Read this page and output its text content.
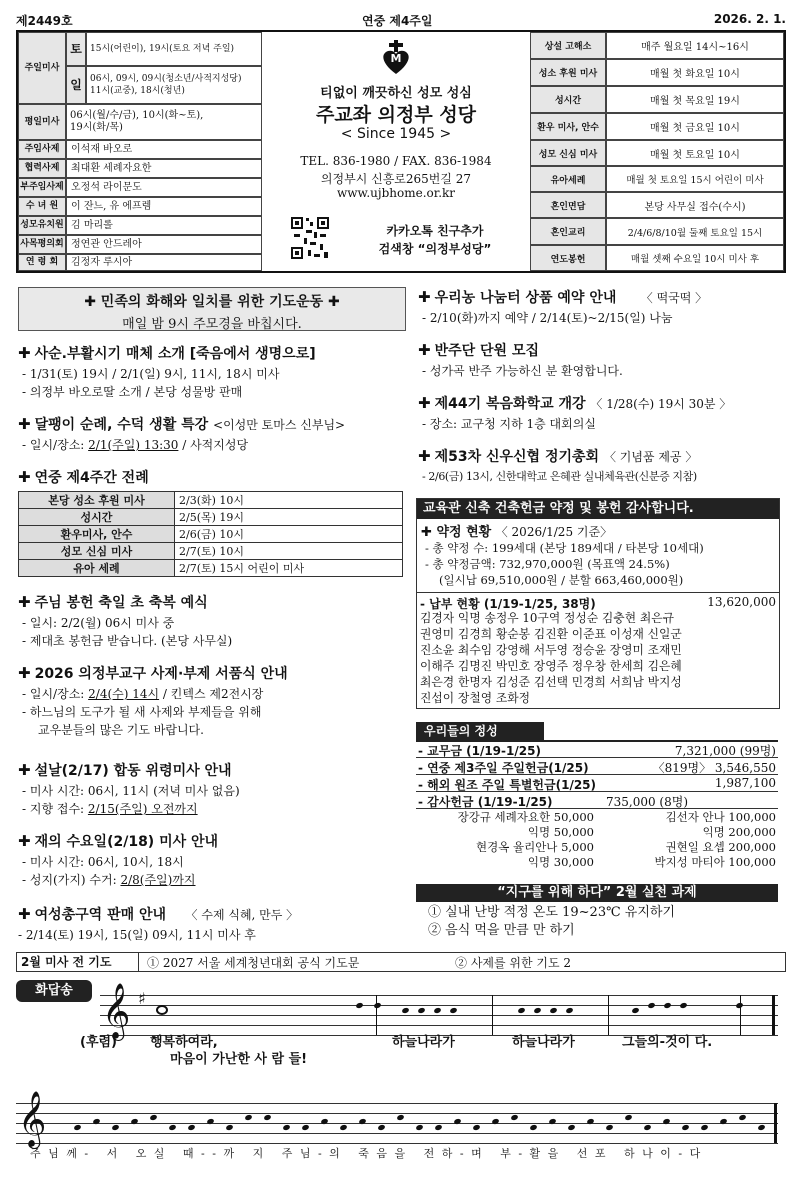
제2449호	연중 제4주일	2026. 2. 1.
주일미사
토 15시(어린이), 19시(토요 저녁 주일)
일 06시, 09시, 09시(청소년/사적지성당)
11시(교중), 18시(청년)
평일미사
06시(월/수/금), 10시(화~토),
19시(화/목)
주임사제	이석재 바오로
협력사제	최대환 세례자요한
부주임사제 오정석 라이문도
수 녀 원	이 잔느, 유 에프렘
성모유치원 김 마리롤
사목평의회 정연관 안드레아
연 령 회	김정자 루시아
M
티없이 깨끗하신 성모 성심
주교좌 의정부 성당
< Since 1945 >
TEL. 836-1980 / FAX. 836-1984
의정부시 신흥로265번길 27
www.ujbhome.or.kr
카카오톡 친구추가
검색창 “의정부성당”
상설 고해소	매주 월요일 14시~16시
성소 후원 미사	매월 첫 화요일 10시
성시간	매월 첫 목요일 19시
환우 미사, 안수	매월 첫 금요일 10시
성모 신심 미사	매월 첫 토요일 10시
유아세례	매월 첫 토요일 15시 어린이 미사
혼인면담	본당 사무실 접수(수시)
혼인교리	2/4/6/8/10월 둘째 토요일 15시
연도봉헌	매월 셋째 수요일 10시 미사 후
✚ 민족의 화해와 일치를 위한 기도운동 ✚
매일 밤 9시 주모경을 바칩시다.
✚ 사순.부활시기 매체 소개 [죽음에서 생명으로]
- 1/31(토) 19시 / 2/1(일) 9시, 11시, 18시 미사
- 의정부 바오로딸 소개 / 본당 성물방 판매
✚ 달팽이 순례, 수덕 생활 특강 <이성만 토마스 신부님>
- 일시/장소: 2/1(주일) 13:30 / 사적지성당
✚ 연중 제4주간 전례
본당 성소 후원 미사	2/3(화) 10시
성시간	2/5(목) 19시
환우미사, 안수	2/6(금) 10시
성모 신심 미사	2/7(토) 10시
유아 세례	2/7(토) 15시 어린이 미사
✚ 주님 봉헌 축일 초 축복 예식
- 일시: 2/2(월) 06시 미사 중
- 제대초 봉헌금 받습니다. (본당 사무실)
✚ 2026 의정부교구 사제·부제 서품식 안내
- 일시/장소: 2/4(수) 14시 / 킨텍스 제2전시장
- 하느님의 도구가 될 새 사제와 부제들을 위해
교우분들의 많은 기도 바랍니다.
✚ 설날(2/17) 합동 위령미사 안내
- 미사 시간: 06시, 11시 (저녁 미사 없음)
- 지향 접수: 2/15(주일) 오전까지
✚ 재의 수요일(2/18) 미사 안내
- 미사 시간: 06시, 10시, 18시
- 성지(가지) 수거: 2/8(주일)까지
✚ 여성총구역 판매 안내 〈 수제 식혜, 만두 〉
- 2/14(토) 19시, 15(일) 09시, 11시 미사 후
✚ 우리농 나눔터 상품 예약 안내 〈 떡국떡 〉
- 2/10(화)까지 예약 / 2/14(토)~2/15(일) 나눔
✚ 반주단 단원 모집
- 성가곡 반주 가능하신 분 환영합니다.
✚ 제44기 복음화학교 개강 〈 1/28(수) 19시 30분 〉
- 장소: 교구청 지하 1층 대회의실
✚ 제53차 신우신협 정기총회 〈 기념품 제공 〉
- 2/6(금) 13시, 신한대학교 은혜관 실내체육관(신분증 지참)
교육관 신축 건축헌금 약정 및 봉헌 감사합니다.
✚ 약정 현황 〈 2026/1/25 기준〉
- 총 약정 수: 199세대 (본당 189세대 / 타본당 10세대)
- 총 약정금액: 732,970,000원 (목표액 24.5%)
(일시납 69,510,000원 / 분할 663,460,000원)
- 납부 현황 (1/19-1/25, 38명)	13,620,000
김경자 익명 송정우 10구역 정성순 김충현 최은규
권영미 김경희 황순봉 김진환 이준표 이성재 신일군
진소윤 최수임 강영해 서두영 정승윤 장영미 조재민
이해주 김명진 박민호 장영주 정우창 한세희 김은혜
최은경 한명자 김성준 김선택 민경희 서희남 박지성
진섭이 장철영 조화정
우리들의 정성
- 교무금 (1/19-1/25)	7,321,000 (99명)
- 연중 제3주일 주일헌금(1/25)	〈819명〉 3,546,550
- 해외 원조 주일 특별헌금(1/25)	1,987,100
- 감사헌금 (1/19-1/25)	735,000 (8명)
장강규 세례자요한 50,000	김선자 안나 100,000
익명 50,000	익명 200,000
현경옥 율리안나 5,000	권현일 요셉 200,000
익명 30,000	박지성 마티아 100,000
“지구를 위해 하다” 2월 실천 과제
① 실내 난방 적정 온도 19~23℃ 유지하기
② 음식 먹을 만큼 만 하기
2월 미사 전 기도	① 2027 서울 세계청년대회 공식 기도문	② 사제를 위한 기도 2
화답송 𝄞 ♯
(후렴)	행복하여라,
마음이 가난한 사 람 들!
하늘나라가	하늘나라가	그들의-것이 다.
𝄞
주 님 께 -   서   오 실   때 - - 까   지   주 님 - 의   죽 음 을   전 하 - 며   부 - 활 을   선 포   하 나 이 - 다
